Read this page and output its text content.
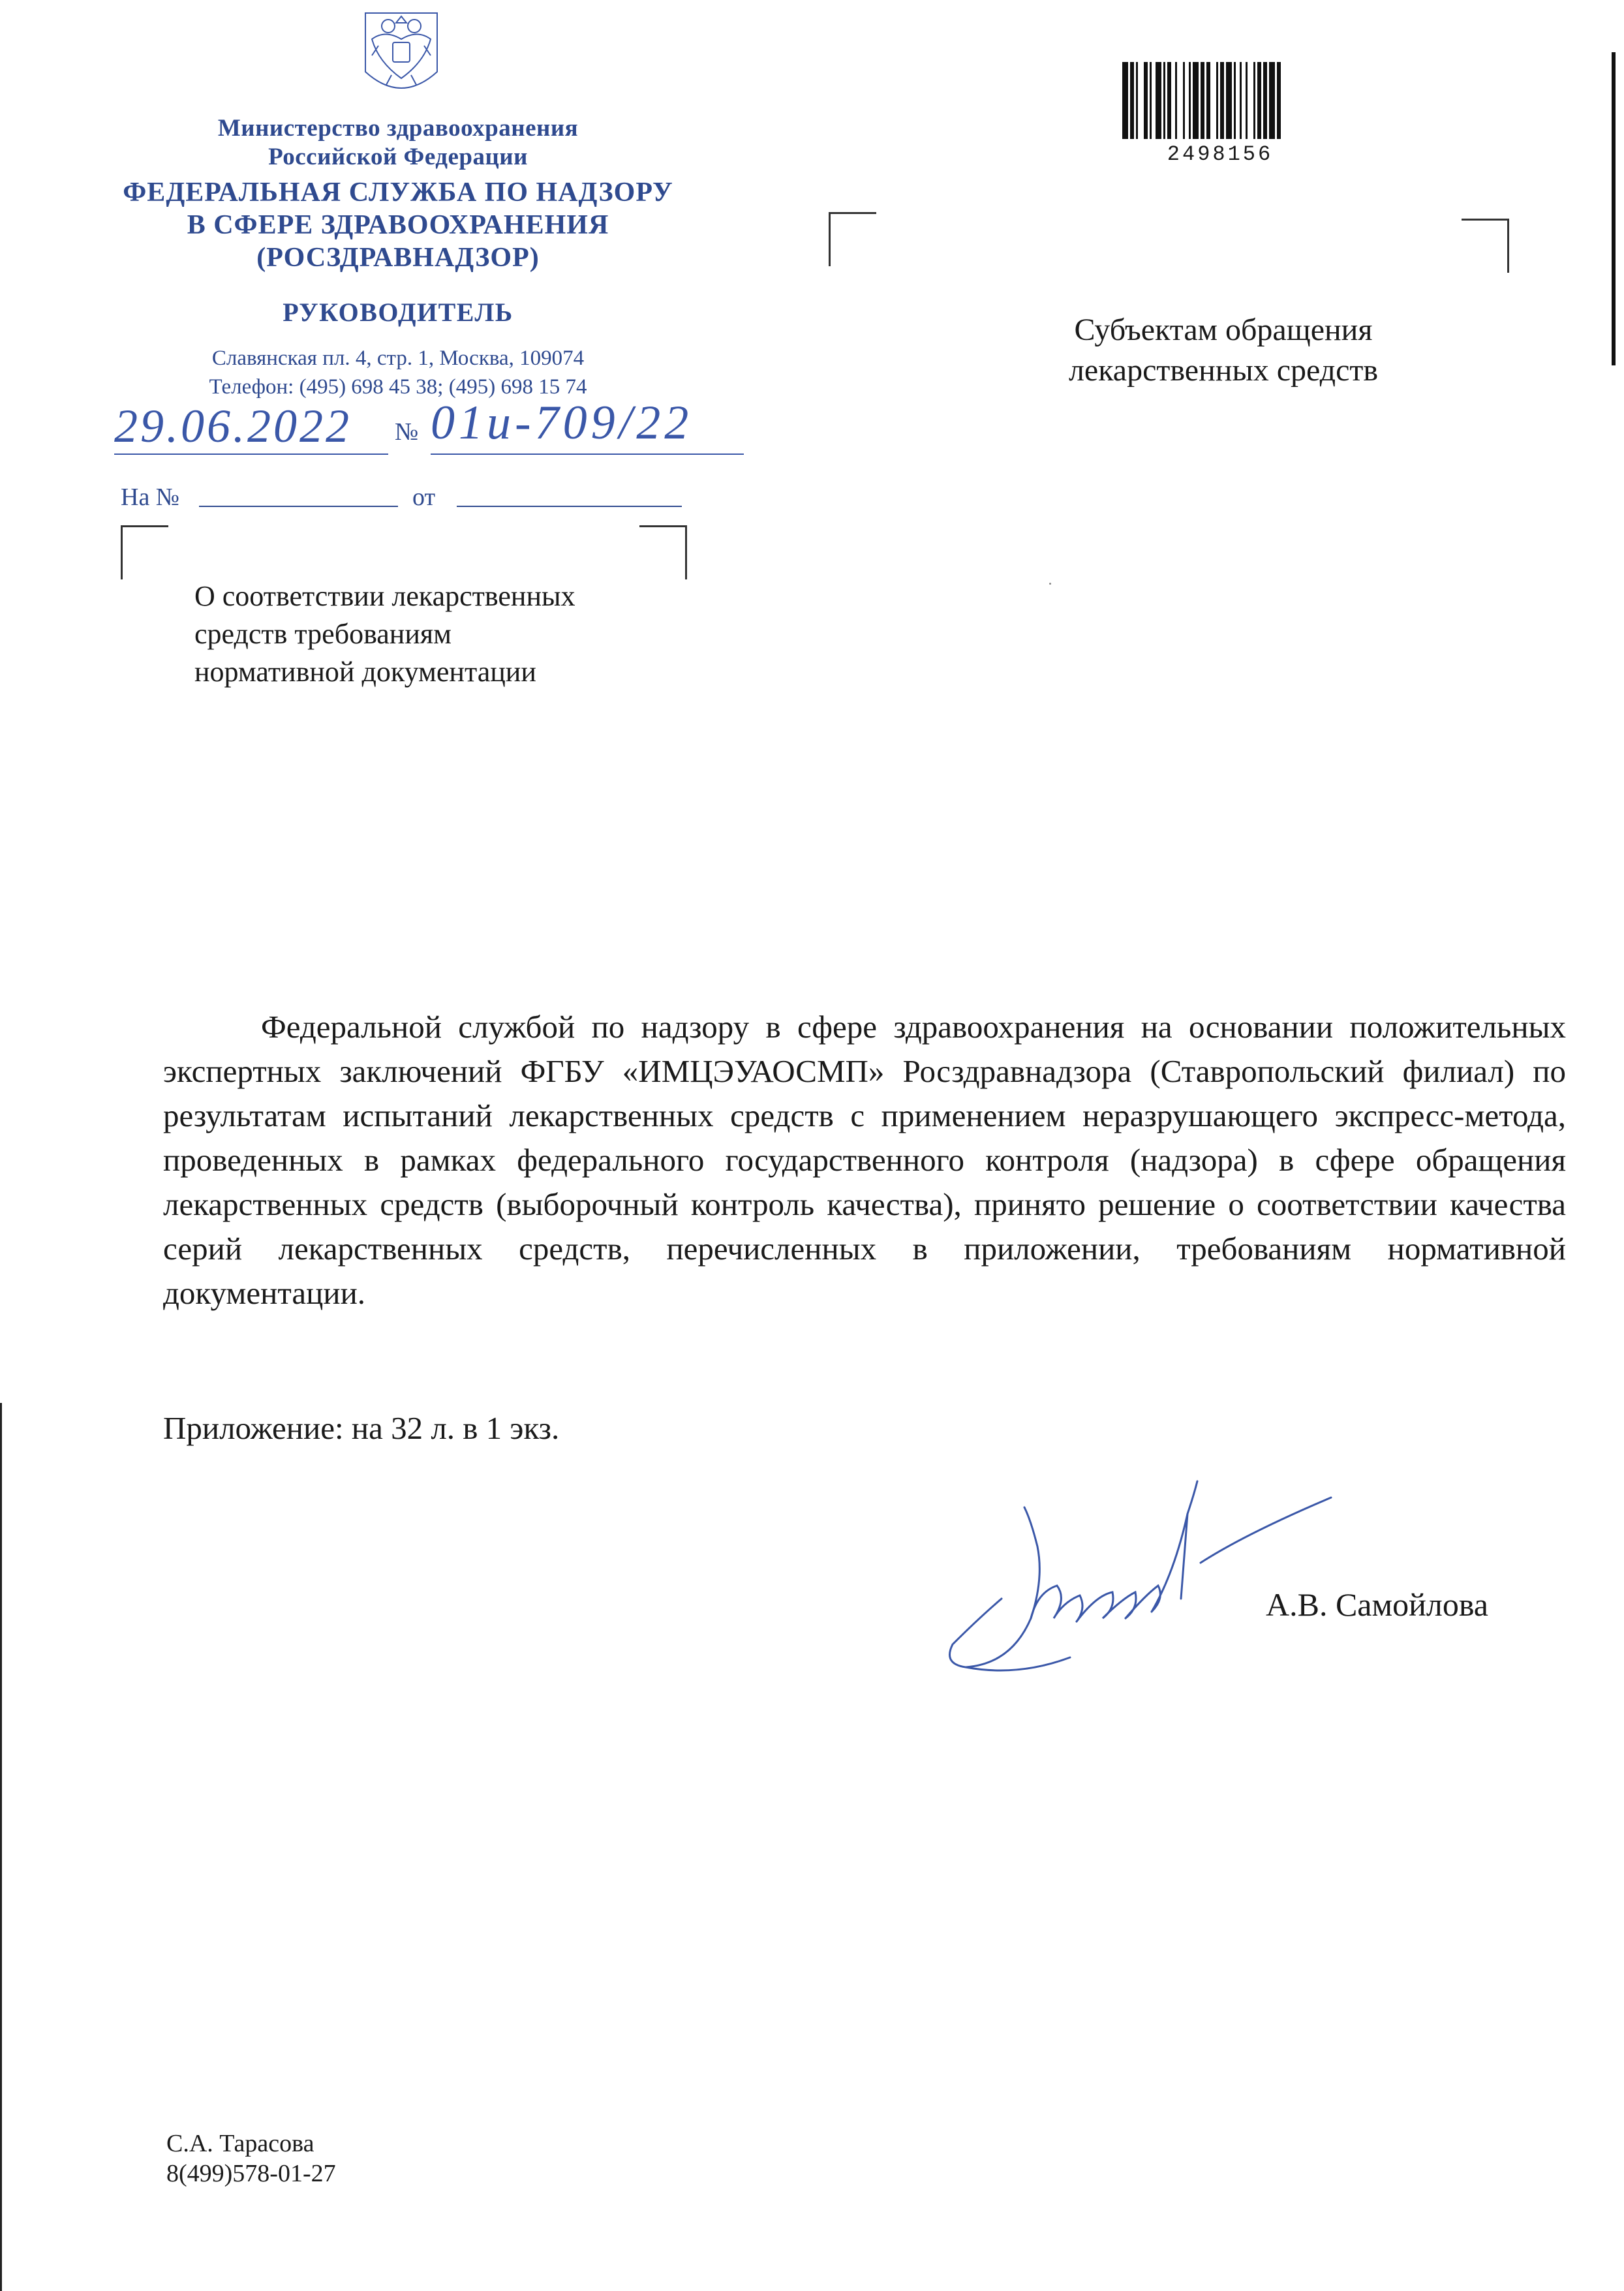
Министерство здравоохранения
Российской Федерации
ФЕДЕРАЛЬНАЯ СЛУЖБА ПО НАДЗОРУ
В СФЕРЕ ЗДРАВООХРАНЕНИЯ
(РОСЗДРАВНАДЗОР)
РУКОВОДИТЕЛЬ
Славянская пл. 4, стр. 1, Москва, 109074
Телефон: (495) 698 45 38; (495) 698 15 74
29.06.2022 № 01и-709/22
На №	от
О соответствии лекарственных
средств требованиям
нормативной документации
Субъектам обращения
лекарственных средств
2498156
Федеральной службой по надзору в сфере здравоохранения на основании положительных экспертных заключений ФГБУ «ИМЦЭУАОСМП» Росздравнадзора (Ставропольский филиал) по результатам испытаний лекарственных средств с применением неразрушающего экспресс-метода, проведенных в рамках федерального государственного контроля (надзора) в сфере обращения лекарственных средств (выборочный контроль качества), принято решение о соответствии качества серий лекарственных средств, перечисленных в приложении, требованиям нормативной документации.
Приложение: на 32 л. в 1 экз.
А.В. Самойлова
С.А. Тарасова
8(499)578-01-27
